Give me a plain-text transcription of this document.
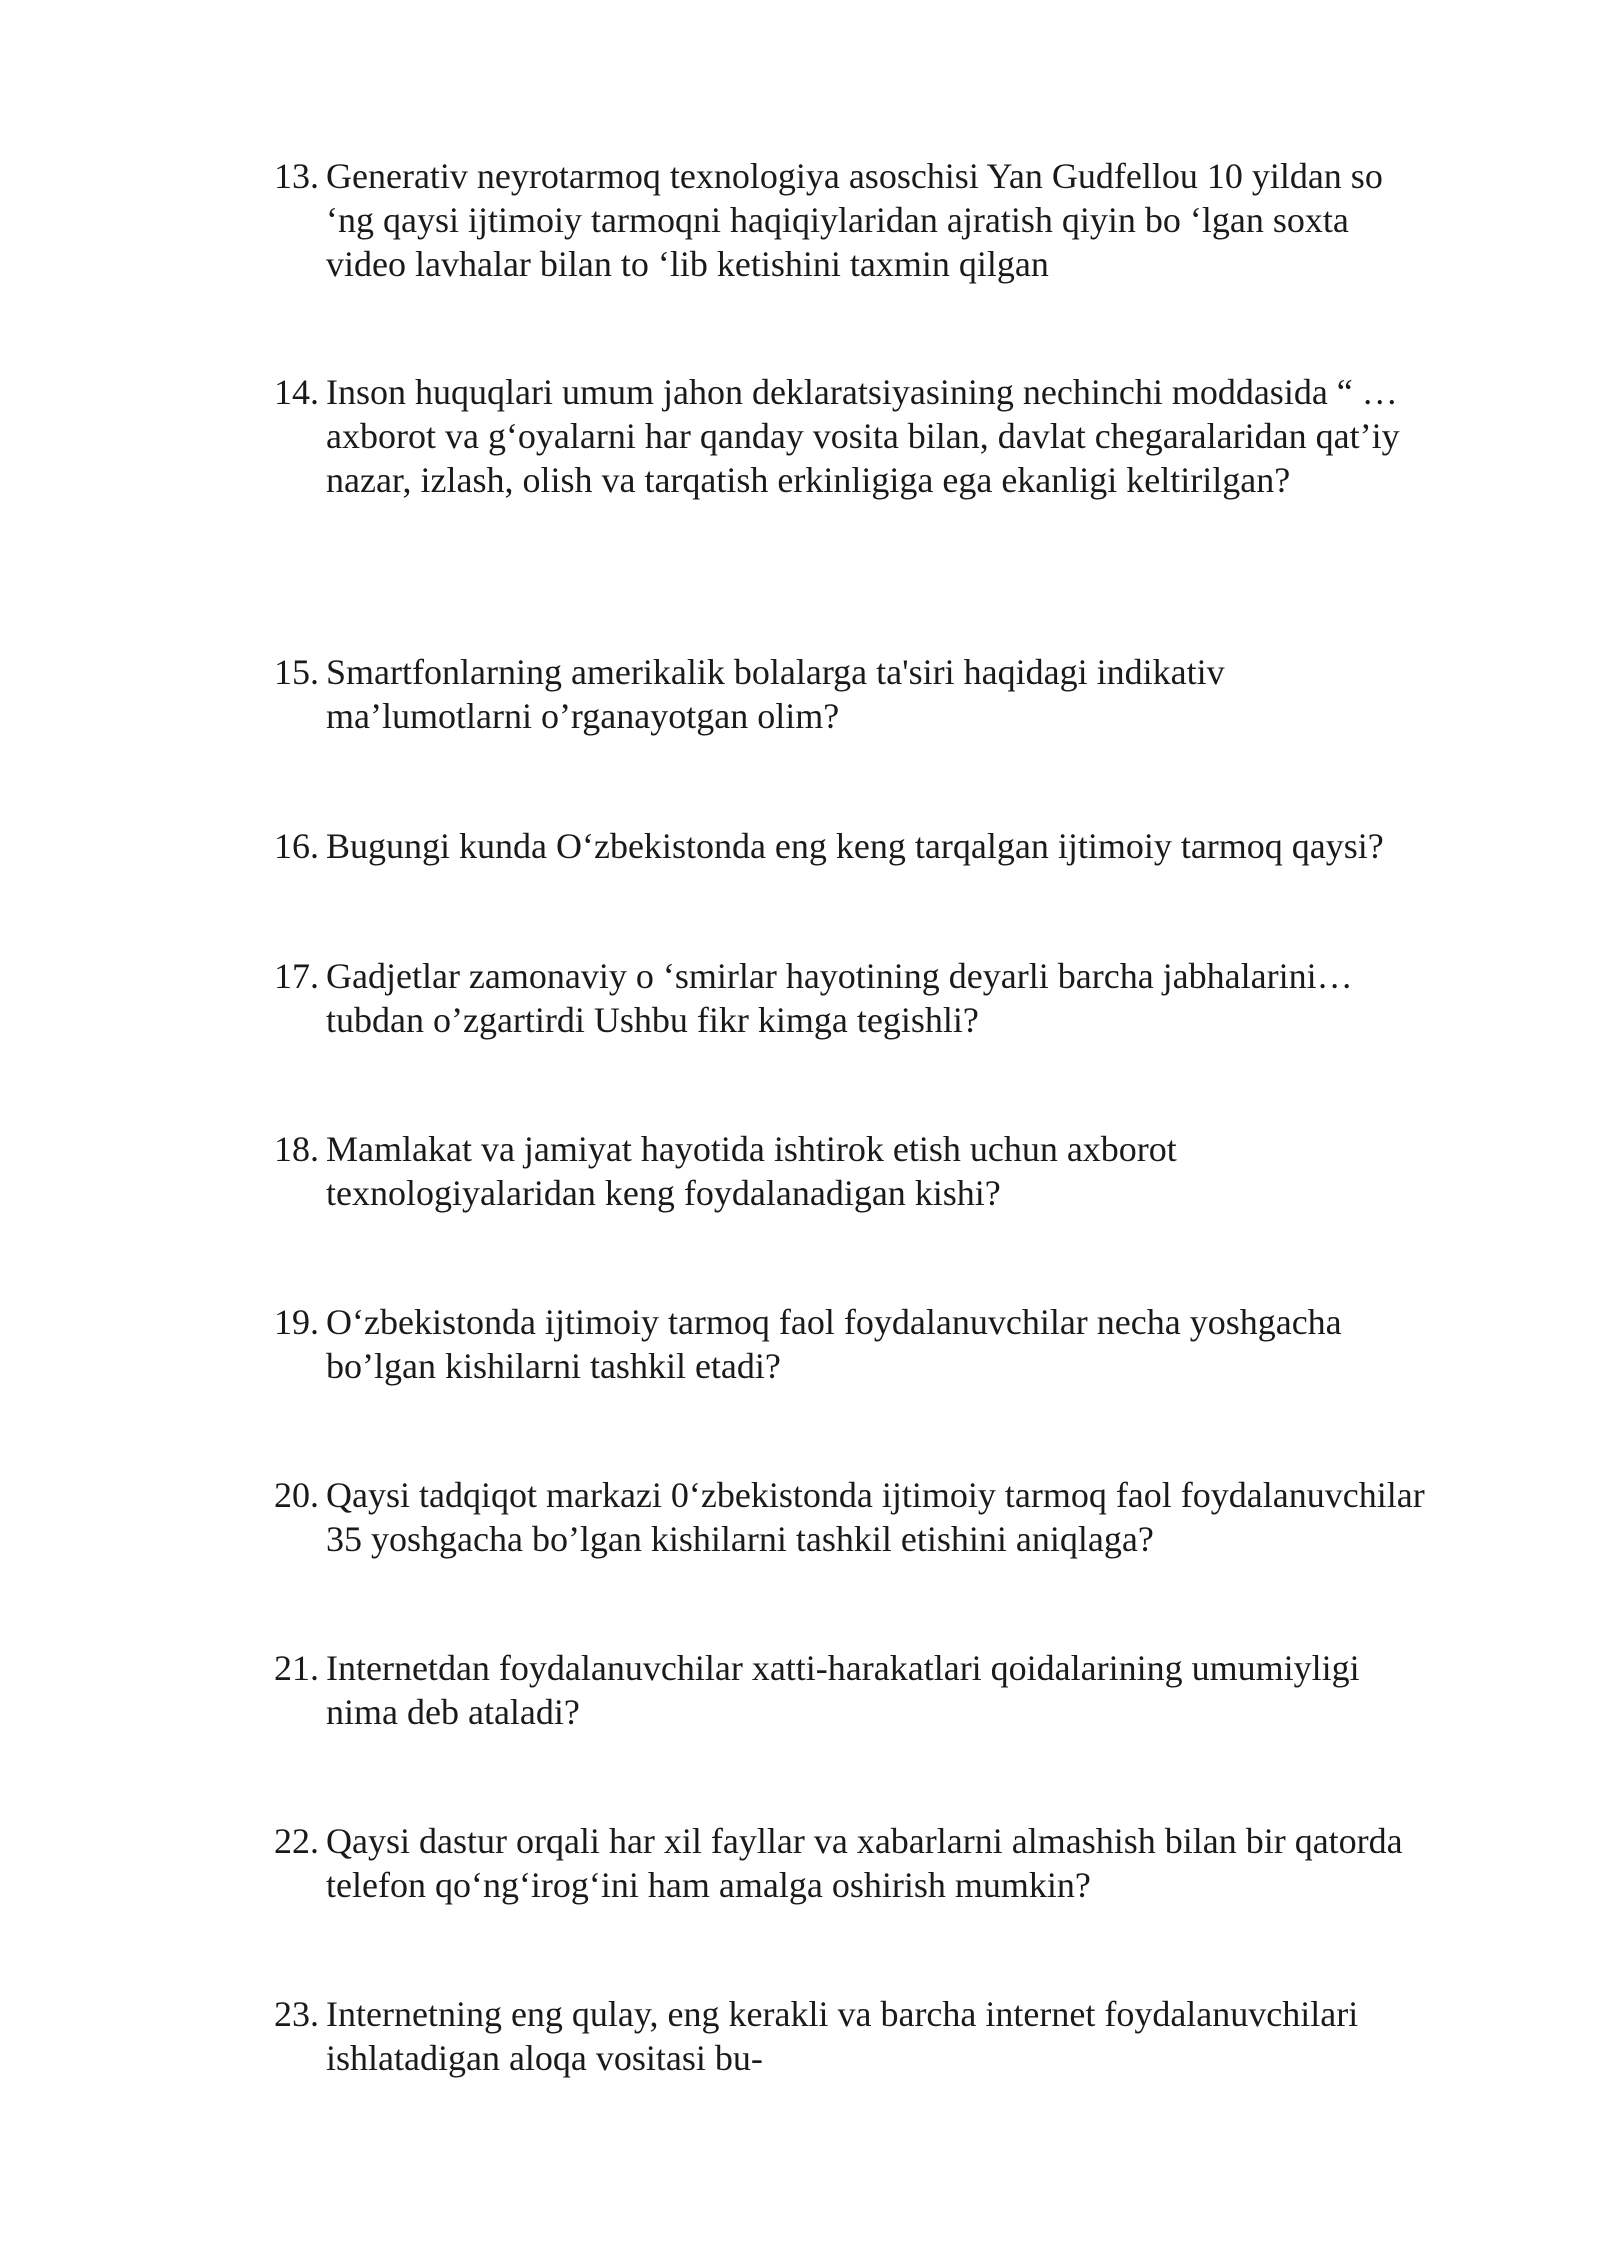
13. Generativ neyrotarmoq texnologiya asoschisi Yan Gudfellou 10 yildan so
‘ng qaysi ijtimoiy tarmoqni haqiqiylaridan ajratish qiyin bo ‘lgan soxta
video lavhalar bilan to ‘lib ketishini taxmin qilgan
14. Inson huquqlari umum jahon deklaratsiyasining nechinchi moddasida “ …
axborot va g‘oyalarni har qanday vosita bilan, davlat chegaralaridan qat’iy
nazar, izlash, olish va tarqatish erkinligiga ega ekanligi keltirilgan?
15. Smartfonlarning amerikalik bolalarga ta'siri haqidagi indikativ
ma’lumotlarni o’rganayotgan olim?
16. Bugungi kunda O‘zbekistonda eng keng tarqalgan ijtimoiy tarmoq qaysi?
17. Gadjetlar zamonaviy o ‘smirlar hayotining deyarli barcha jabhalarini…
tubdan o’zgartirdi Ushbu fikr kimga tegishli?
18. Mamlakat va jamiyat hayotida ishtirok etish uchun axborot
texnologiyalaridan keng foydalanadigan kishi?
19. O‘zbekistonda ijtimoiy tarmoq faol foydalanuvchilar necha yoshgacha
bo’lgan kishilarni tashkil etadi?
20. Qaysi tadqiqot markazi 0‘zbekistonda ijtimoiy tarmoq faol foydalanuvchilar
35 yoshgacha bo’lgan kishilarni tashkil etishini aniqlaga?
21. Internetdan foydalanuvchilar xatti-harakatlari qoidalarining umumiyligi
nima deb ataladi?
22. Qaysi dastur orqali har xil fayllar va xabarlarni almashish bilan bir qatorda
telefon qo‘ng‘irog‘ini ham amalga oshirish mumkin?
23. Internetning eng qulay, eng kerakli va barcha internet foydalanuvchilari
ishlatadigan aloqa vositasi bu-
